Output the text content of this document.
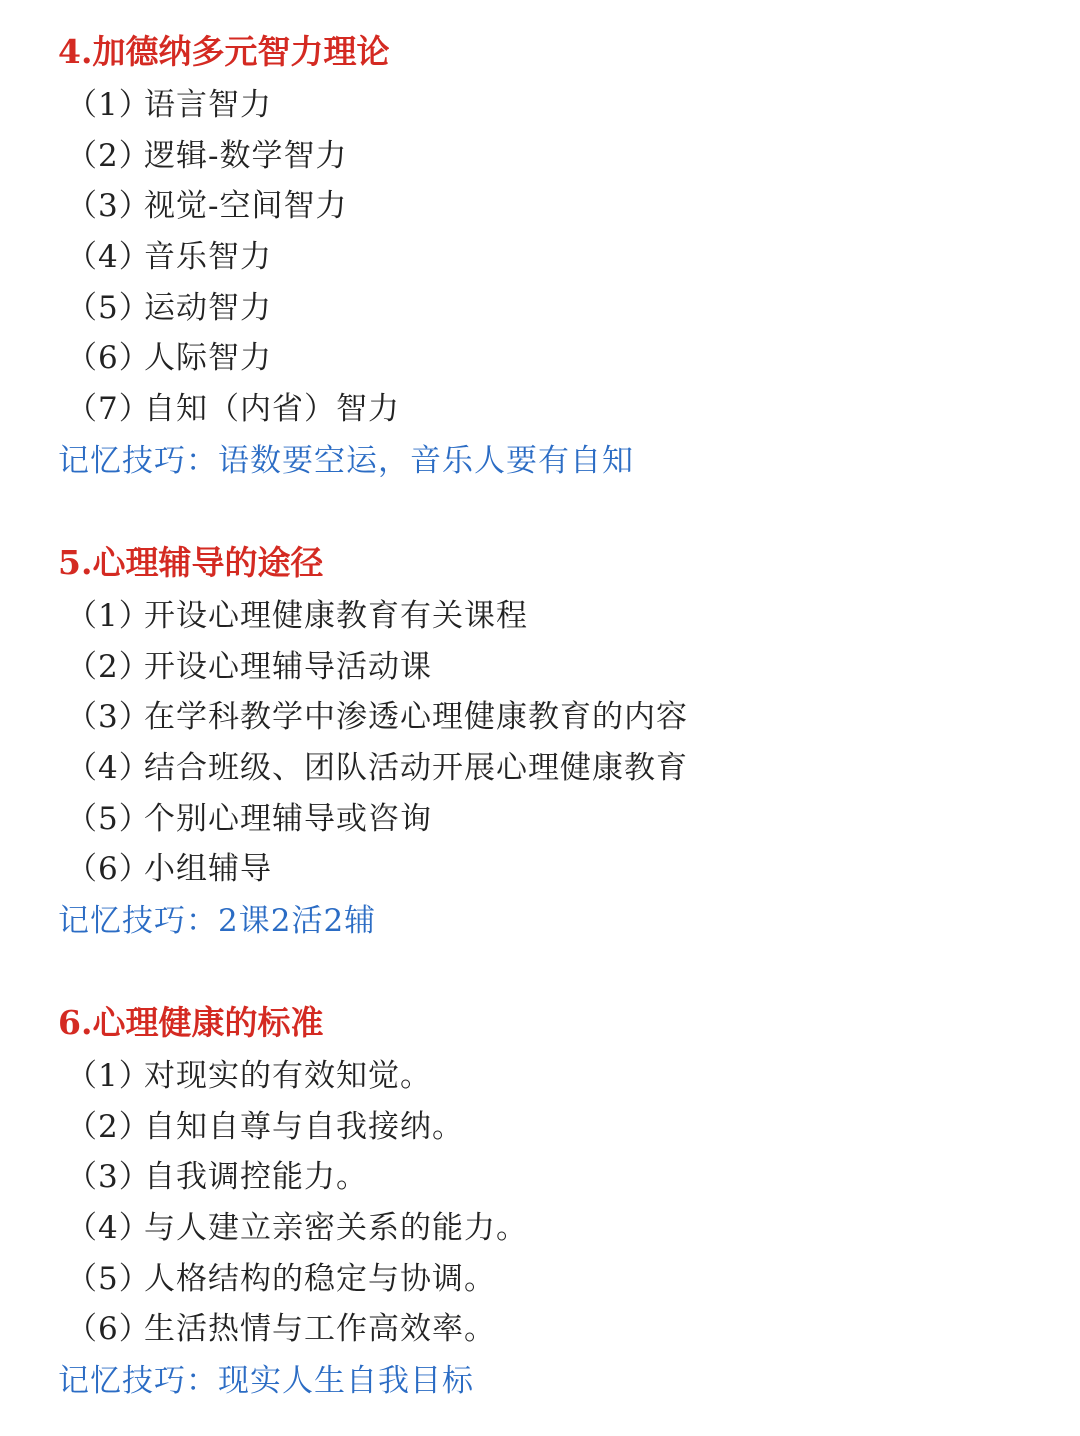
4.加德纳多元智力理论
（1）语言智力
（2）逻辑-数学智力
（3）视觉-空间智力
（4）音乐智力
（5）运动智力
（6）人际智力
（7）自知（内省）智力
记忆技巧：语数要空运，音乐人要有自知
5.心理辅导的途径
（1）开设心理健康教育有关课程
（2）开设心理辅导活动课
（3）在学科教学中渗透心理健康教育的内容
（4）结合班级、团队活动开展心理健康教育
（5）个别心理辅导或咨询
（6）小组辅导
记忆技巧：2课2活2辅
6.心理健康的标准
（1）对现实的有效知觉。
（2）自知自尊与自我接纳。
（3）自我调控能力。
（4）与人建立亲密关系的能力。
（5）人格结构的稳定与协调。
（6）生活热情与工作高效率。
记忆技巧：现实人生自我目标
